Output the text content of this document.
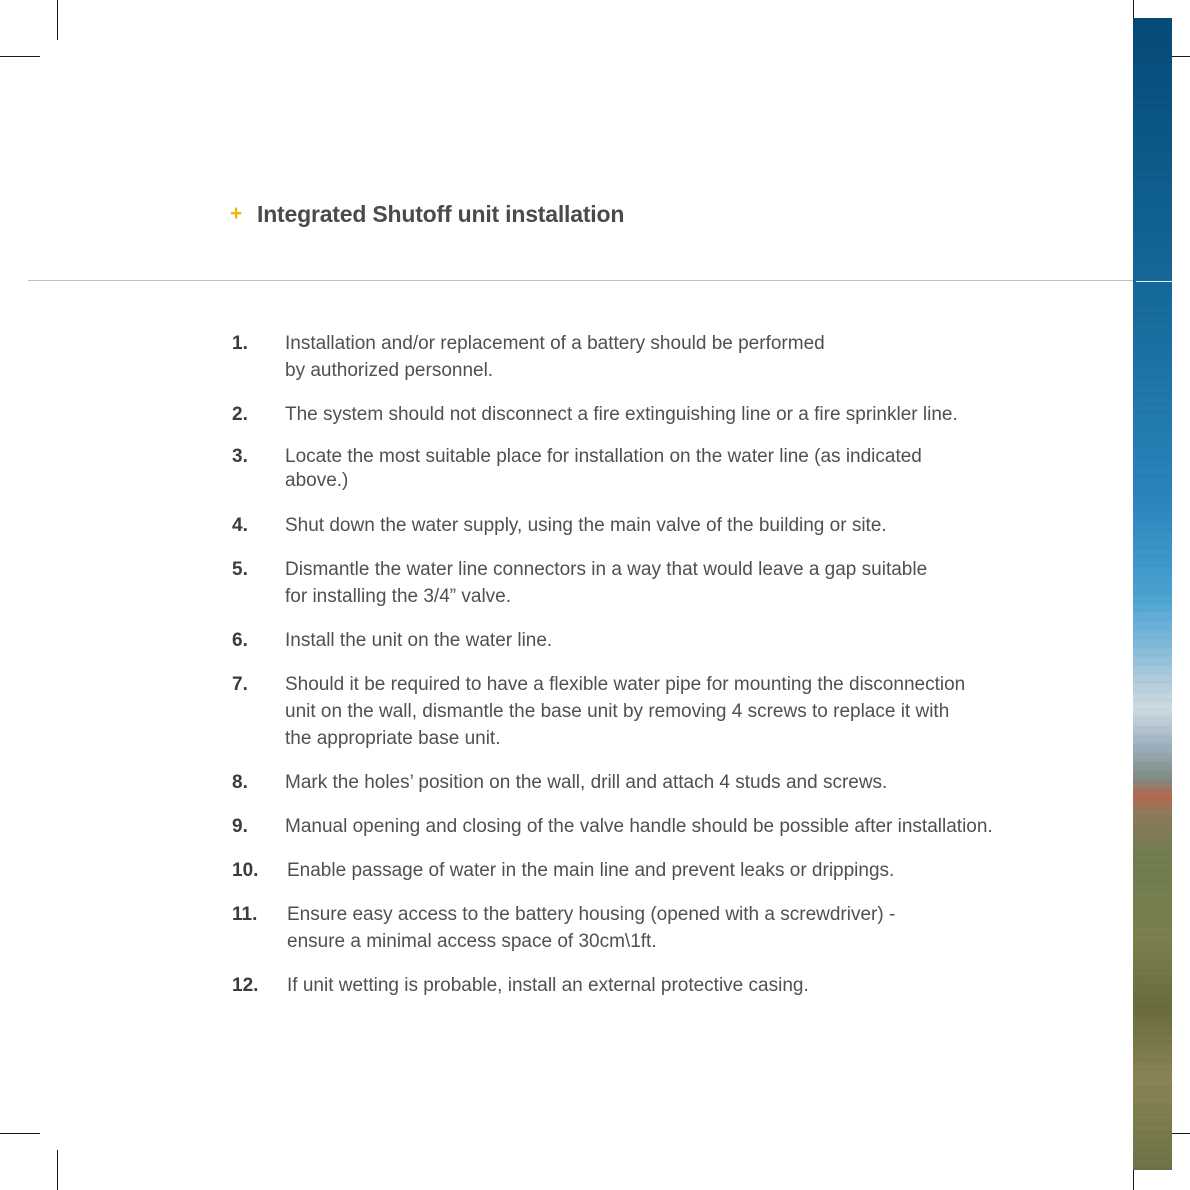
+ Integrated Shutoff unit installation
1. Installation and/or replacement of a battery should be performed
by authorized personnel.
2. The system should not disconnect a fire extinguishing line or a fire sprinkler line.
3. Locate the most suitable place for installation on the water line (as indicated
above.)
4. Shut down the water supply, using the main valve of the building or site.
5. Dismantle the water line connectors in a way that would leave a gap suitable
for installing the 3/4” valve.
6. Install the unit on the water line.
7. Should it be required to have a flexible water pipe for mounting the disconnection
unit on the wall, dismantle the base unit by removing 4 screws to replace it with
the appropriate base unit.
8. Mark the holes’ position on the wall, drill and attach 4 studs and screws.
9. Manual opening and closing of the valve handle should be possible after installation.
10. Enable passage of water in the main line and prevent leaks or drippings.
11. Ensure easy access to the battery housing (opened with a screwdriver) -
ensure a minimal access space of 30cm\1ft.
12. If unit wetting is probable, install an external protective casing.
